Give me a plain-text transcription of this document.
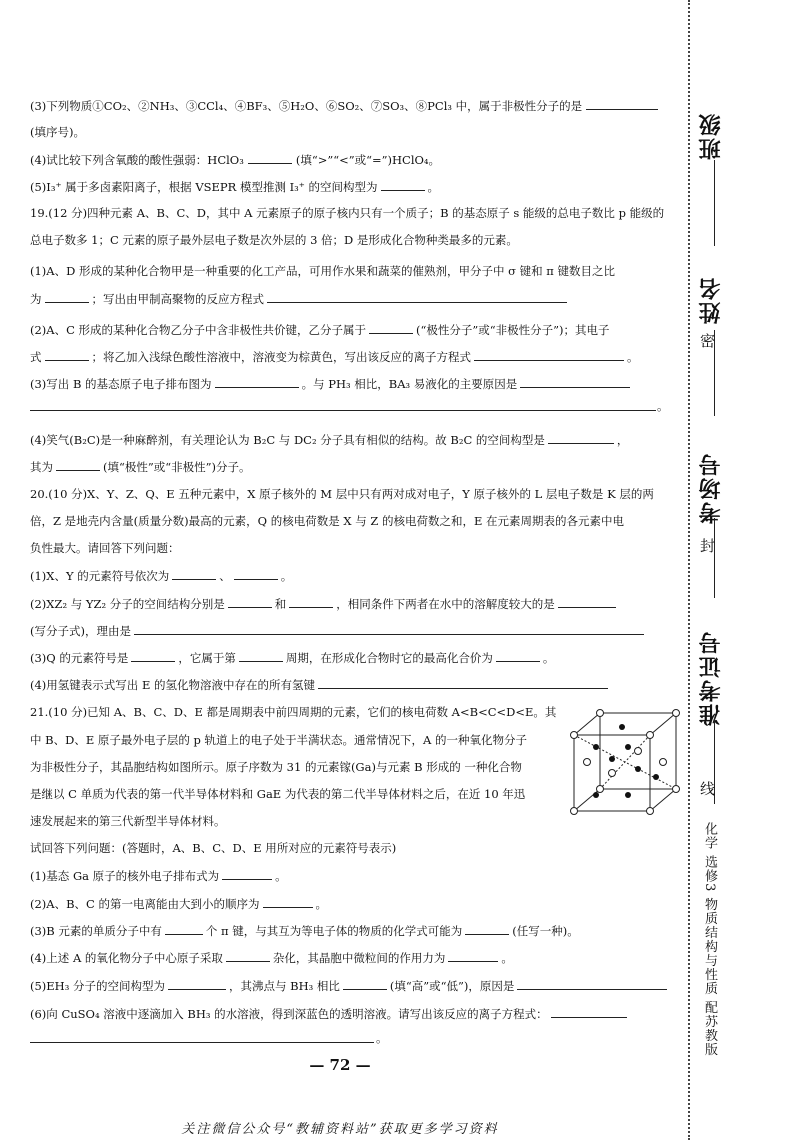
(3)下列物质①CO₂、②NH₃、③CCl₄、④BF₃、⑤H₂O、⑥SO₂、⑦SO₃、⑧PCl₃ 中，属于非极性分子的是
(填序号)。
(4)试比较下列含氧酸的酸性强弱：HClO₃	(填“>”“<”或“=”)HClO₄。
(5)I₃⁺ 属于多卤素阳离子，根据 VSEPR 模型推测 I₃⁺ 的空间构型为	。
19.(12 分)四种元素 A、B、C、D，其中 A 元素原子的原子核内只有一个质子；B 的基态原子 s 能级的总电子数比 p 能级的
总电子数多 1；C 元素的原子最外层电子数是次外层的 3 倍；D 是形成化合物种类最多的元素。
(1)A、D 形成的某种化合物甲是一种重要的化工产品，可用作水果和蔬菜的催熟剂，甲分子中 σ 键和 π 键数目之比
为	；写出由甲制高聚物的反应方程式
(2)A、C 形成的某种化合物乙分子中含非极性共价键，乙分子属于	(“极性分子”或“非极性分子”)；其电子
式	；将乙加入浅绿色酸性溶液中，溶液变为棕黄色，写出该反应的离子方程式	。
(3)写出 B 的基态原子电子排布图为	。与 PH₃ 相比，BA₃ 易液化的主要原因是
。
(4)笑气(B₂C)是一种麻醉剂，有关理论认为 B₂C 与 DC₂ 分子具有相似的结构。故 B₂C 的空间构型是	，
其为	(填“极性”或“非极性”)分子。
20.(10 分)X、Y、Z、Q、E 五种元素中，X 原子核外的 M 层中只有两对成对电子，Y 原子核外的 L 层电子数是 K 层的两
倍，Z 是地壳内含量(质量分数)最高的元素，Q 的核电荷数是 X 与 Z 的核电荷数之和，E 在元素周期表的各元素中电
负性最大。请回答下列问题：
(1)X、Y 的元素符号依次为	、	。
(2)XZ₂ 与 YZ₂ 分子的空间结构分别是	和	，相同条件下两者在水中的溶解度较大的是
(写分子式)，理由是
(3)Q 的元素符号是	，它属于第	周期，在形成化合物时它的最高化合价为	。
(4)用氢键表示式写出 E 的氢化物溶液中存在的所有氢键
21.(10 分)已知 A、B、C、D、E 都是周期表中前四周期的元素，它们的核电荷数 A<B<C<D<E。其
中 B、D、E 原子最外电子层的 p 轨道上的电子处于半满状态。通常情况下，A 的一种氧化物分子
为非极性分子，其晶胞结构如图所示。原子序数为 31 的元素镓(Ga)与元素 B 形成的 一种化合物
是继以 C 单质为代表的第一代半导体材料和 GaE 为代表的第二代半导体材料之后，在近 10 年迅
速发展起来的第三代新型半导体材料。
试回答下列问题：(答题时，A、B、C、D、E 用所对应的元素符号表示)
(1)基态 Ga 原子的核外电子排布式为	。
(2)A、B、C 的第一电离能由大到小的顺序为	。
(3)B 元素的单质分子中有	个 π 键，与其互为等电子体的物质的化学式可能为	(任写一种)。
(4)上述 A 的氧化物分子中心原子采取	杂化，其晶胞中微粒间的作用力为	。
(5)EH₃ 分子的空间构型为	，其沸点与 BH₃ 相比	(填“高”或“低”)，原因是
(6)向 CuSO₄ 溶液中逐滴加入 BH₃ 的水溶液，得到深蓝色的透明溶液。请写出该反应的离子方程式：
。
— 72 —
关注微信公众号“教辅资料站”获取更多学习资料
班级
密
姓名
考场号
封
准考证号
线
化学 选修3 物质结构与性质 配苏教版
